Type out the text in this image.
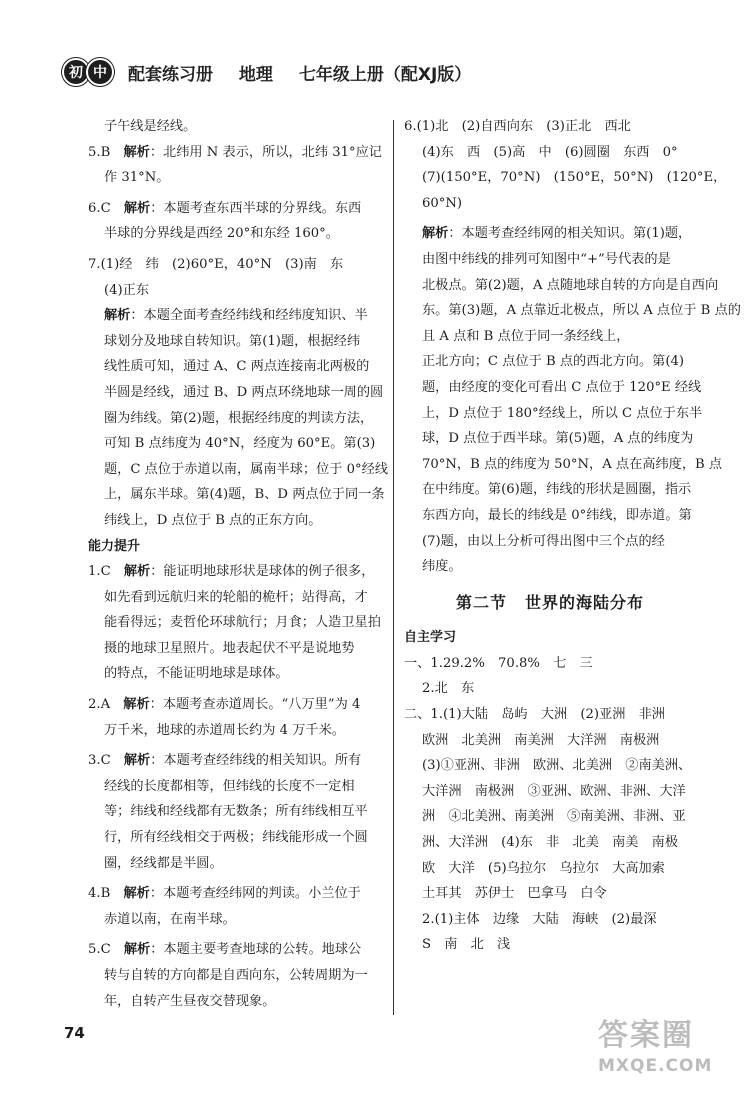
初 中	配套练习册 地理 七年级上册（配XJ版）
子午线是经线。
5.B　 解析：北纬用 N 表示，所以，北纬 31°应记
作 31°N。
6.C　 解析：本题考查东西半球的分界线。东西
半球的分界线是西经 20°和东经 160°。
7.(1)经　纬　(2)60°E，40°N　(3)南　东
(4)正东
解析：本题全面考查经纬线和经纬度知识、半
球划分及地球自转知识。第(1)题，根据经纬
线性质可知，通过 A、C 两点连接南北两极的
半圆是经线，通过 B、D 两点环绕地球一周的圆
圈为纬线。第(2)题，根据经纬度的判读方法，
可知 B 点纬度为 40°N，经度为 60°E。第(3)
题，C 点位于赤道以南，属南半球；位于 0°经线
上，属东半球。第(4)题，B、D 两点位于同一条
纬线上，D 点位于 B 点的正东方向。
能力提升
1.C　 解析：能证明地球形状是球体的例子很多，
如先看到远航归来的轮船的桅杆；站得高，才
能看得远；麦哲伦环球航行；月食；人造卫星拍
摄的地球卫星照片。地表起伏不平是说地势
的特点，不能证明地球是球体。
2.A　 解析：本题考查赤道周长。“八万里”为 4
万千米，地球的赤道周长约为 4 万千米。
3.C　 解析：本题考查经纬线的相关知识。所有
经线的长度都相等，但纬线的长度不一定相
等；纬线和经线都有无数条；所有纬线相互平
行，所有经线相交于两极；纬线能形成一个圆
圈，经线都是半圆。
4.B　 解析：本题考查经纬网的判读。小兰位于
赤道以南，在南半球。
5.C　 解析：本题主要考查地球的公转。地球公
转与自转的方向都是自西向东，公转周期为一
年，自转产生昼夜交替现象。
6.(1)北　(2)自西向东　(3)正北　西北
(4)东　西　(5)高　中　(6)圆圈　东西　0°
(7)(150°E，70°N)　(150°E，50°N)　(120°E，
60°N)
解析：本题考查经纬网的相关知识。第(1)题，
由图中纬线的排列可知图中“+”号代表的是
北极点。第(2)题，A 点随地球自转的方向是自西向
东。第(3)题，A 点靠近北极点，所以 A 点位于 B 点的
且 A 点和 B 点位于同一条经线上，
正北方向；C 点位于 B 点的西北方向。第(4)
题，由经度的变化可看出 C 点位于 120°E 经线
上，D 点位于 180°经线上，所以 C 点位于东半
球，D 点位于西半球。第(5)题，A 点的纬度为
70°N，B 点的纬度为 50°N，A 点在高纬度，B 点
在中纬度。第(6)题，纬线的形状是圆圈，指示
东西方向，最长的纬线是 0°纬线，即赤道。第
(7)题，由以上分析可得出图中三个点的经
纬度。
第二节 世界的海陆分布
自主学习
一、1.29.2%　70.8%　七　三
2.北　东
二、1.(1)大陆　岛屿　大洲　(2)亚洲　非洲
欧洲　北美洲　南美洲　大洋洲　南极洲
(3)①亚洲、非洲　欧洲、北美洲　②南美洲、
大洋洲　南极洲　③亚洲、欧洲、非洲、大洋
洲　④北美洲、南美洲　⑤南美洲、非洲、亚
洲、大洋洲　(4)东　非　北美　南美　南极
欧　大洋　(5)乌拉尔　乌拉尔　大高加索
土耳其　苏伊士　巴拿马　白令
2.(1)主体　边缘　大陆　海峡　(2)最深
S　南　北　浅
74	答案圈
MXQE.COM
